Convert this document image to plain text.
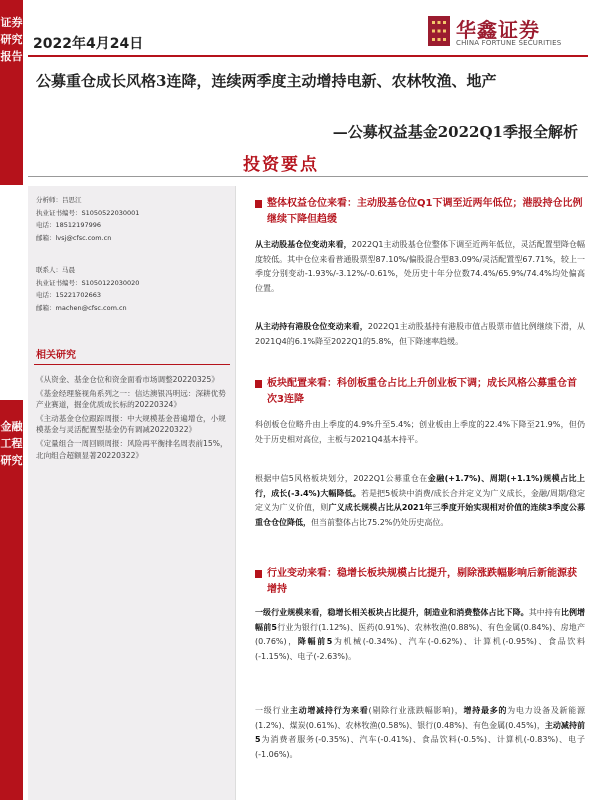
证券研究报告
金融工程研究
2022年4月24日
华鑫证券
CHINA FORTUNE SECURITIES
公募重仓成长风格3连降，连续两季度主动增持电新、农林牧渔、地产
—公募权益基金2022Q1季报全解析
投资要点
分析师：吕思江
执业证书编号：S1050522030001
电话：18512197996
邮箱：lvsj@cfsc.com.cn
联系人：马晨
执业证书编号：S1050122030020
电话：15221702663
邮箱：machen@cfsc.com.cn
相关研究
《从资金、基金仓位和资金面看市场调整20220325》
《基金经理鉴视角系列之一：信达澳银冯明远：深耕优势产业赛道，掘金优质成长标的20220324》
《主动基金仓位跟踪周报：中大规模基金普遍增仓，小规模基金与灵活配置型基金仍有调减20220322》
《定量组合一周回顾周报：风险再平衡排名周表前15%，北向组合超额显著20220322》
整体权益仓位来看：主动股基仓位Q1下调至近两年低位；港股持仓比例继续下降但趋缓
从主动股基仓位变动来看，2022Q1主动股基仓位整体下调至近两年低位，灵活配置型降仓幅度较低。其中仓位来看普通股票型87.10%/偏股混合型83.09%/灵活配置型67.71%，较上一季度分别变动-1.93%/-3.12%/-0.61%，处历史十年分位数74.4%/65.9%/74.4%均处偏高位置。
从主动持有港股仓位变动来看，2022Q1主动股基持有港股市值占股票市值比例继续下滑，从2021Q4的6.1%降至2022Q1的5.8%，但下降速率趋缓。
板块配置来看：科创板重仓占比上升创业板下调；成长风格公募重仓首次3连降
科创板仓位略升由上季度的4.9%升至5.4%；创业板由上季度的22.4%下降至21.9%，但仍处于历史相对高位，主板与2021Q4基本持平。
根据中信5风格板块划分，2022Q1公募重仓在金融(+1.7%)、周期(+1.1%)规模占比上行，成长(-3.4%)大幅降低。若是把5板块中消费/成长合并定义为广义成长，金融/周期/稳定定义为广义价值，则广义成长规模占比从2021年三季度开始实现相对价值的连续3季度公募重仓仓位降低，但当前整体占比75.2%仍处历史高位。
行业变动来看：稳增长板块规模占比提升，剔除涨跌幅影响后新能源获增持
一级行业规模来看，稳增长相关板块占比提升，制造业和消费整体占比下降。其中持有比例增幅前5行业为银行(1.12%)、医药(0.91%)、农林牧渔(0.88%)、有色金属(0.84%)、房地产(0.76%)，降幅前5为机械(-0.34%)、汽车(-0.62%)、计算机(-0.95%)、食品饮料(-1.15%)、电子(-2.63%)。
一级行业主动增减持行为来看(剔除行业涨跌幅影响)，增持最多的为电力设备及新能源(1.2%)、煤炭(0.61%)、农林牧渔(0.58%)、银行(0.48%)、有色金属(0.45%)，主动减持前5为消费者服务(-0.35%)、汽车(-0.41%)、食品饮料(-0.5%)、计算机(-0.83%)、电子(-1.06%)。
